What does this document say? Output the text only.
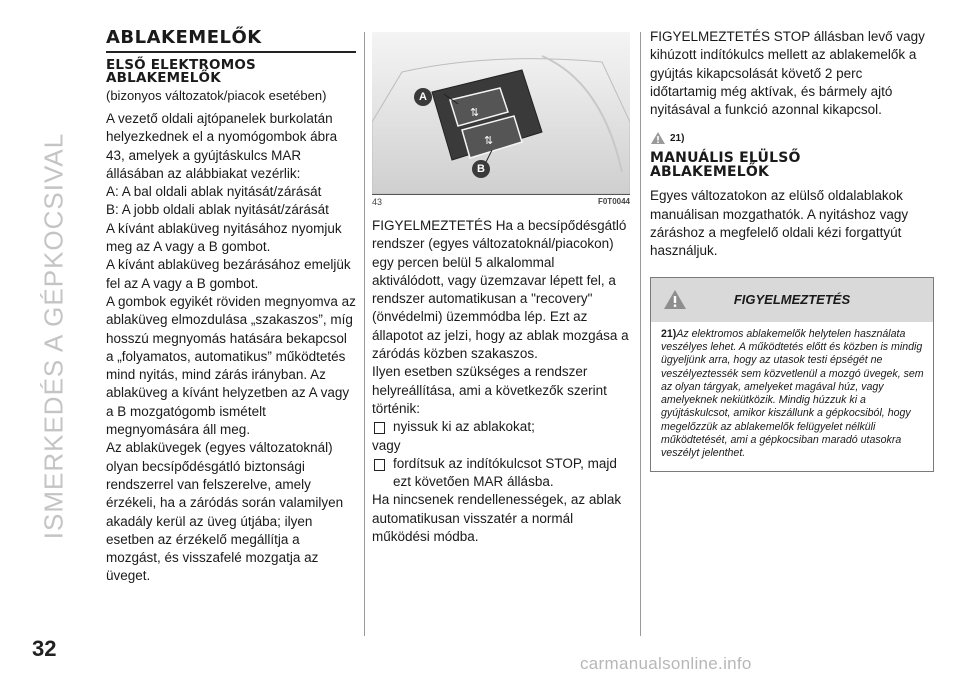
ISMERKEDÉS A GÉPKOCSIVAL
32
ABLAKEMELŐK
ELSŐ ELEKTROMOS
ABLAKEMELŐK
(bizonyos változatok/piacok esetében)

A vezető oldali ajtópanelek burkolatán helyezkednek el a nyomógombok ábra 43, amelyek a gyújtáskulcs MAR állásában az alábbiakat vezérlik:

A: A bal oldali ablak nyitását/zárását

B: A jobb oldali ablak nyitását/zárását

A kívánt ablaküveg nyitásához nyomjuk meg az A vagy a B gombot.

A kívánt ablaküveg bezárásához emeljük fel az A vagy a B gombot.

A gombok egyikét röviden megnyomva az ablaküveg elmozdulása „szakaszos”, míg hosszú megnyomás hatására bekapcsol a „folyamatos, automatikus” működtetés mind nyitás, mind zárás irányban. Az ablaküveg a kívánt helyzetben az A vagy a B mozgatógomb ismételt megnyomására áll meg.

Az ablaküvegek (egyes változatoknál) olyan becsípődésgátló biztonsági rendszerrel van felszerelve, amely érzékeli, ha a záródás során valamilyen akadály kerül az üveg útjába; ilyen esetben az érzékelő megállítja a mozgást, és visszafelé mozgatja az üveget.

⇅
⇅
A
B
43	F0T0044

FIGYELMEZTETÉS Ha a becsípődésgátló rendszer (egyes változatoknál/piacokon) egy percen belül 5 alkalommal aktiválódott, vagy üzemzavar lépett fel, a rendszer automatikusan a "recovery" (önvédelmi) üzemmódba lép. Ezt az állapotot az jelzi, hogy az ablak mozgása a záródás közben szakaszos.

Ilyen esetben szükséges a rendszer helyreállítása, ami a következők szerint történik:

nyissuk ki az ablakokat;

vagy

fordítsuk az indítókulcsot STOP, majd ezt követően MAR állásba.

Ha nincsenek rendellenességek, az ablak automatikusan visszatér a normál működési módba.

FIGYELMEZTETÉS STOP állásban levő vagy kihúzott indítókulcs mellett az ablakemelők a gyújtás kikapcsolását követő 2 perc időtartamig még aktívak, és bármely ajtó nyitásával a funkció azonnal kikapcsol.

21)
MANUÁLIS ELÜLSŐ
ABLAKEMELŐK

Egyes változatokon az elülső oldalablakok manuálisan mozgathatók. A nyitáshoz vagy záráshoz a megfelelő oldali kézi forgattyút használjuk.

FIGYELMEZTETÉS
21)Az elektromos ablakemelők helytelen használata veszélyes lehet. A működtetés előtt és közben is mindig ügyeljünk arra, hogy az utasok testi épségét ne veszélyeztessék sem közvetlenül a mozgó üvegek, sem az olyan tárgyak, amelyeket magával húz, vagy amelyeknek nekiütközik. Mindig húzzuk ki a gyújtáskulcsot, amikor kiszállunk a gépkocsiból, hogy megelőzzük az ablakemelők felügyelet nélküli működtetését, ami a gépkocsiban maradó utasokra veszélyt jelenthet.
carmanualsonline.info
